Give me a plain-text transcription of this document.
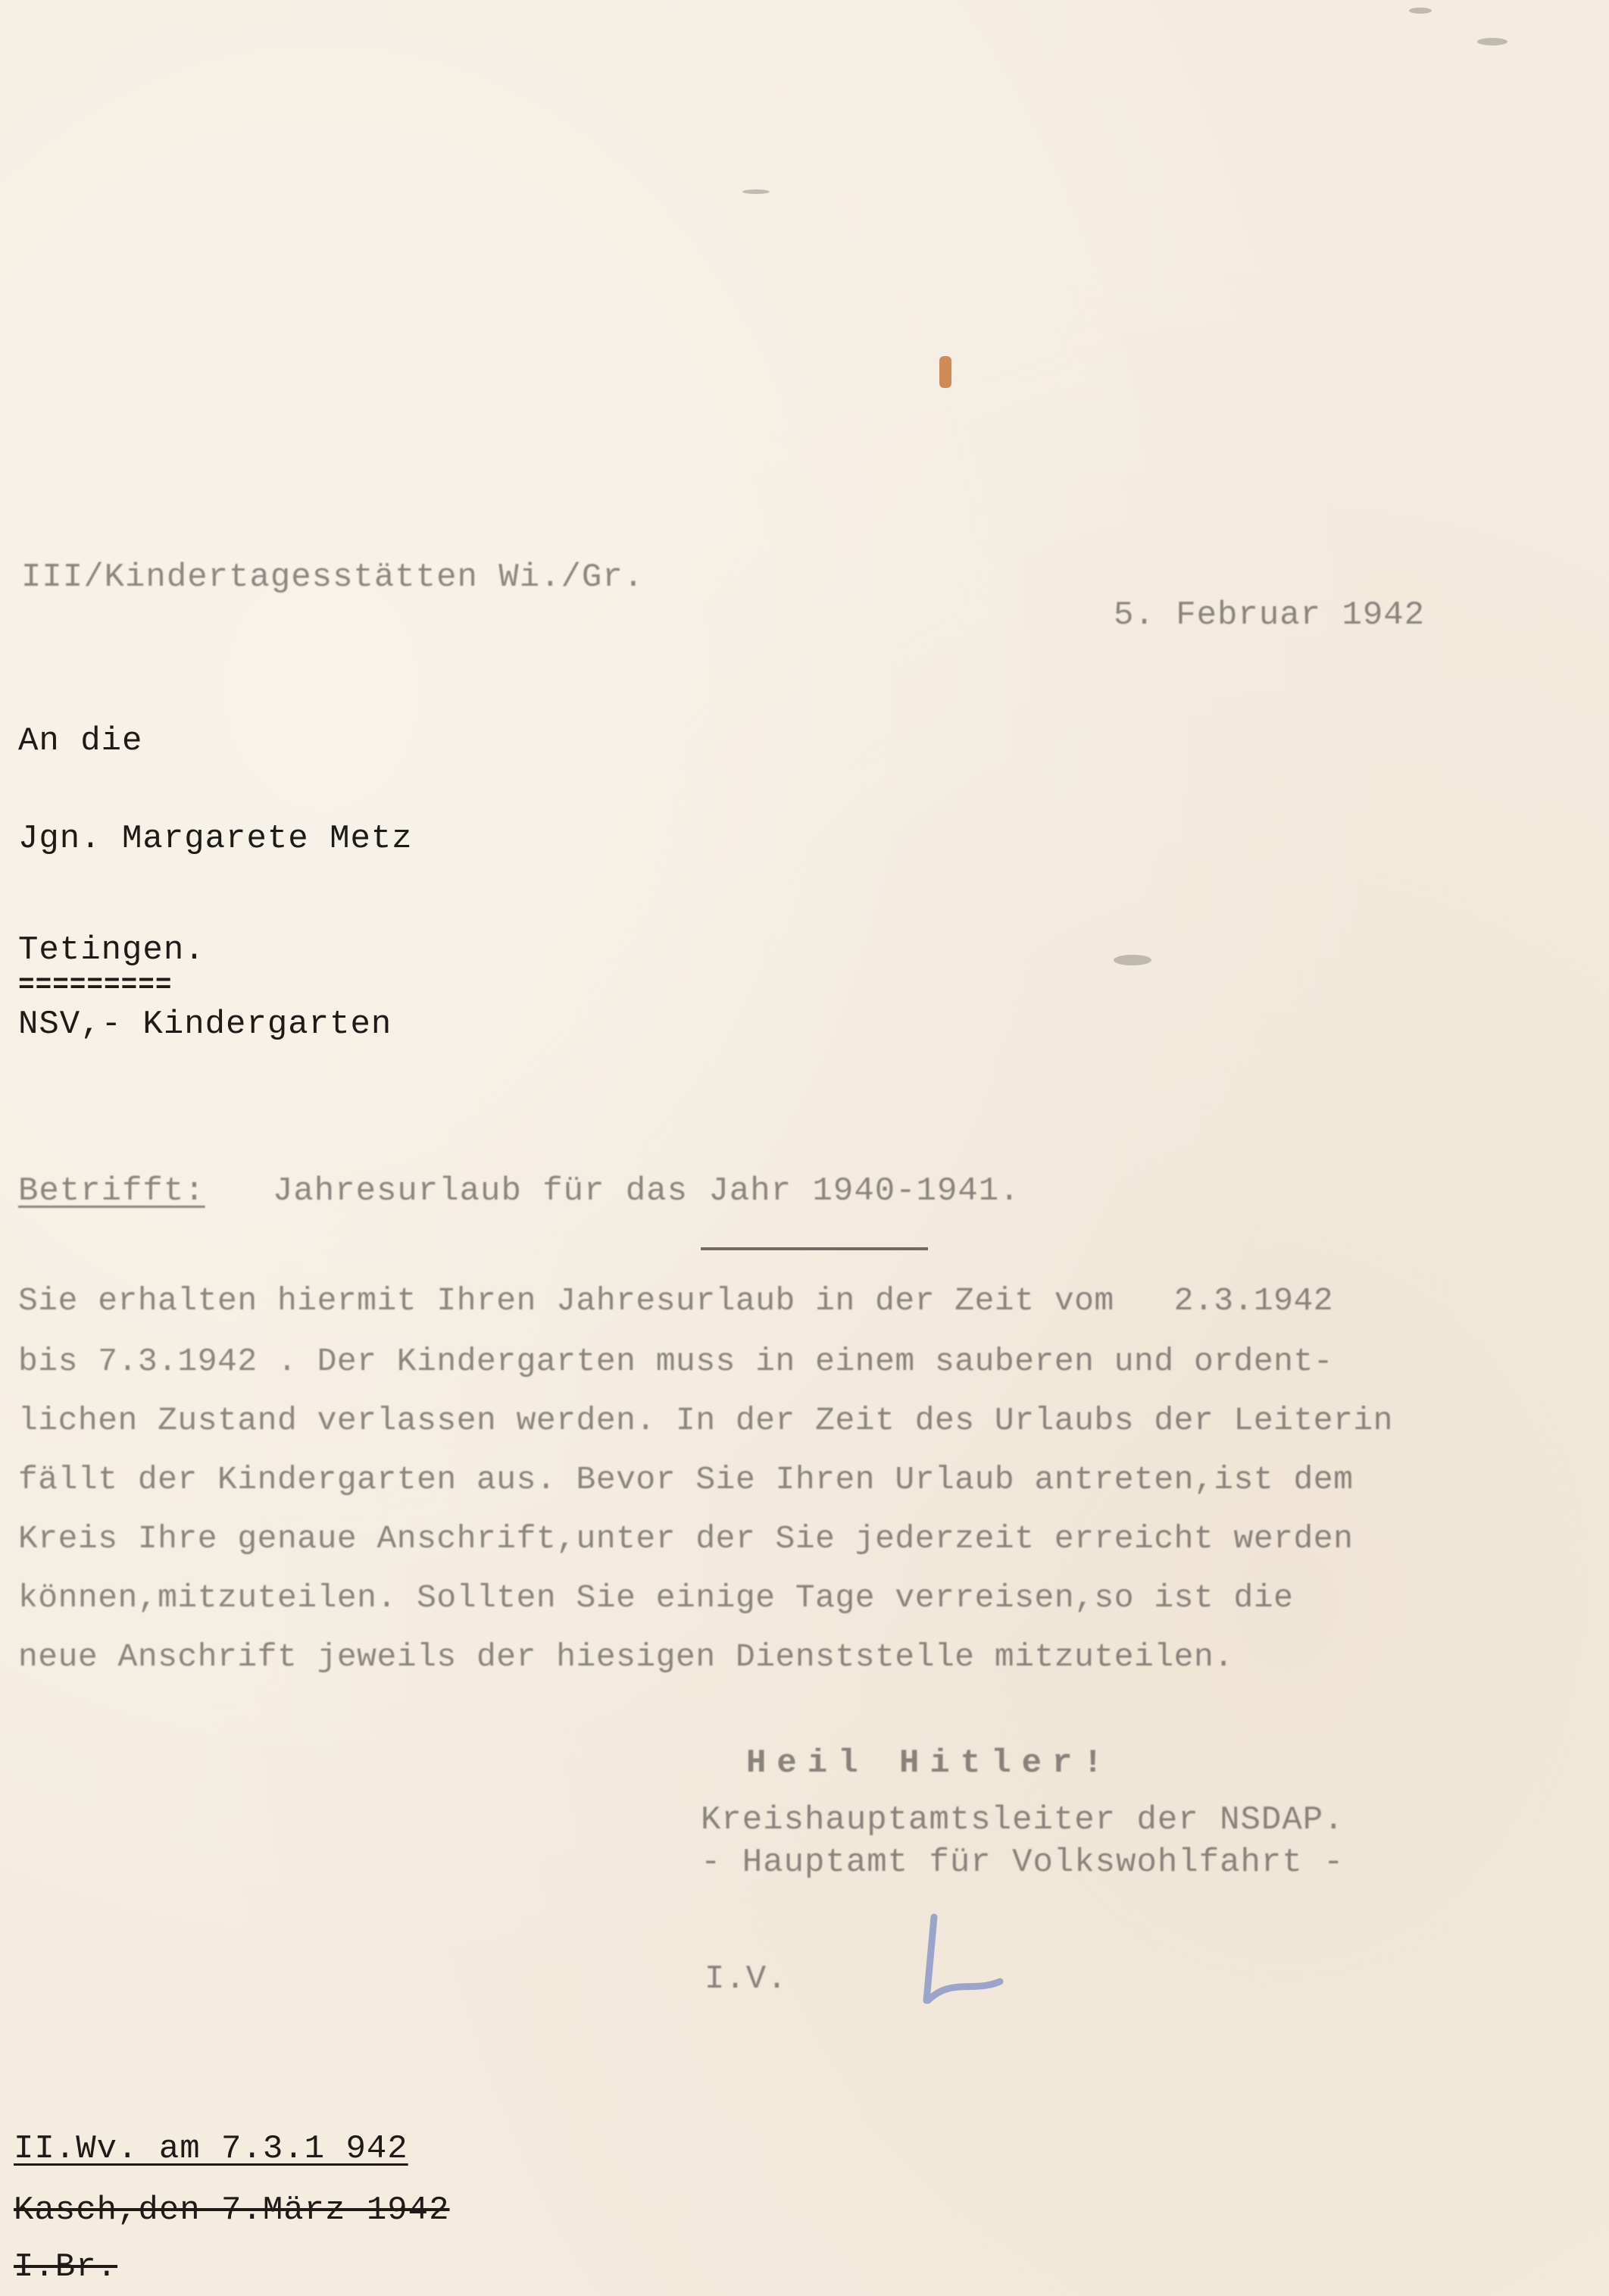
III/Kindertagesstätten Wi./Gr.
5. Februar 1942
An die
Jgn. Margarete Metz
Tetingen.
=========
NSV,- Kindergarten
Betrifft: Jahresurlaub für das Jahr 1940-1941.
Sie erhalten hiermit Ihren Jahresurlaub in der Zeit vom   2.3.1942
bis 7.3.1942 . Der Kindergarten muss in einem sauberen und ordent-
lichen Zustand verlassen werden. In der Zeit des Urlaubs der Leiterin
fällt der Kindergarten aus. Bevor Sie Ihren Urlaub antreten,ist dem
Kreis Ihre genaue Anschrift,unter der Sie jederzeit erreicht werden
können,mitzuteilen. Sollten Sie einige Tage verreisen,so ist die
neue Anschrift jeweils der hiesigen Dienststelle mitzuteilen.
Heil Hitler!
Kreishauptamtsleiter der NSDAP.
- Hauptamt für Volkswohlfahrt -
I.V.
II.Wv. am 7.3.1 942
Kasch,den 7.März 1942
I.Br.
